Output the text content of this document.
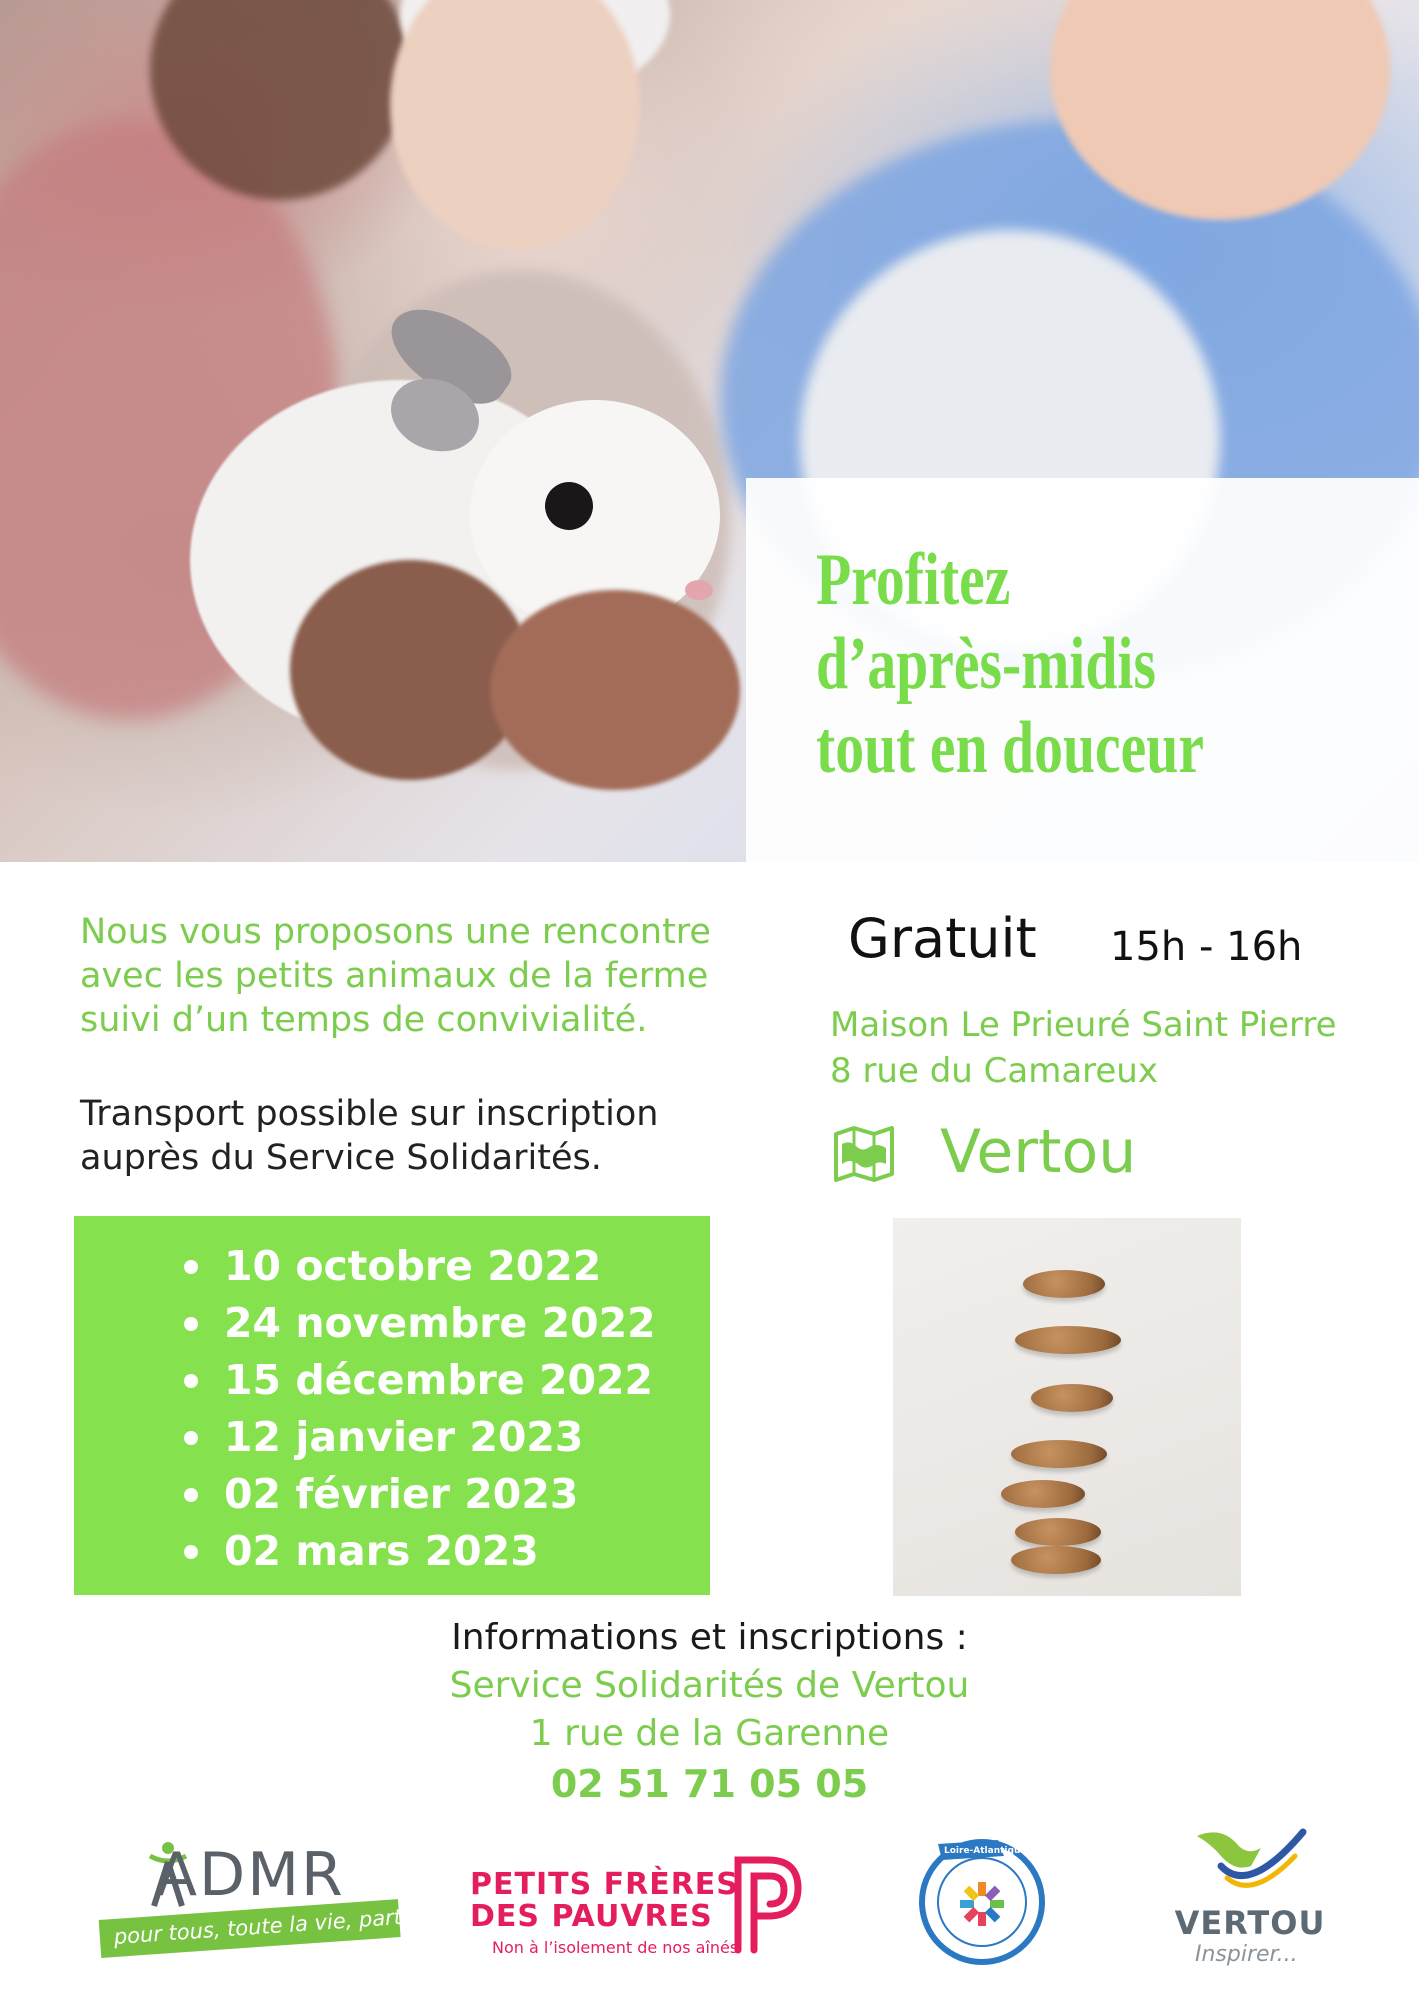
Profitez
d’après-midis
tout en douceur
Nous vous proposons une rencontre
avec les petits animaux de la ferme
suivi d’un temps de convivialité.
Transport possible sur inscription
auprès du Service Solidarités.
10 octobre 2022
24 novembre 2022
15 décembre 2022
12 janvier 2023
02 février 2023
02 mars 2023
Gratuit 15h - 16h
Maison Le Prieuré Saint Pierre
8 rue du Camareux
Vertou
Informations et inscriptions :
Service Solidarités de Vertou
1 rue de la Garenne
02 51 71 05 05
ADMR
pour tous, toute la vie, partout
PETITS FRÈRES
DES PAUVRES
Non à l’isolement de nos aînés
Loire-Atlantique
VERTOU
Inspirer...
